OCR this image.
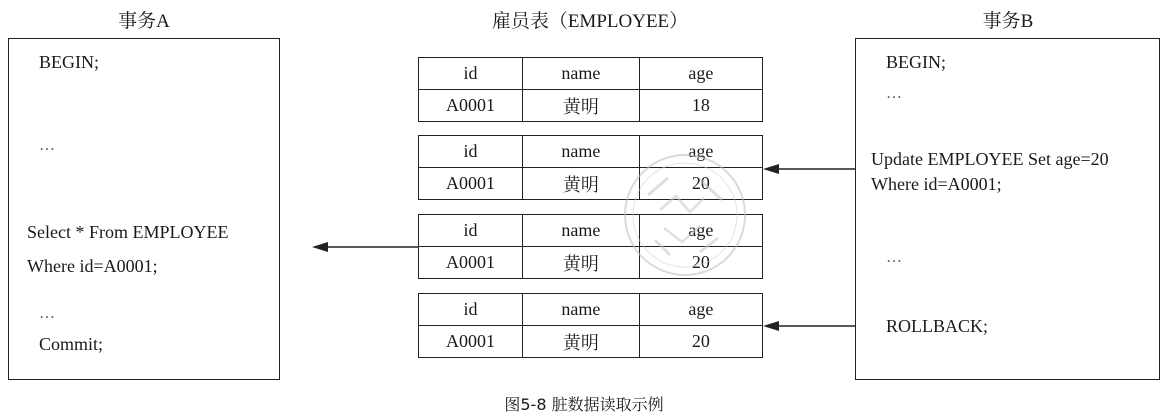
事务A	雇员表（EMPLOYEE）	事务B
BEGIN;
…
Select * From EMPLOYEE
Where id=A0001;
…
Commit;
id	name	age
A0001	黄明	18
id	name	age
A0001	黄明	20
id	name	age
A0001	黄明	20
id	name	age
A0001	黄明	20
BEGIN;
…
Update EMPLOYEE Set age=20
Where id=A0001;
…
ROLLBACK;
图5-8 脏数据读取示例
